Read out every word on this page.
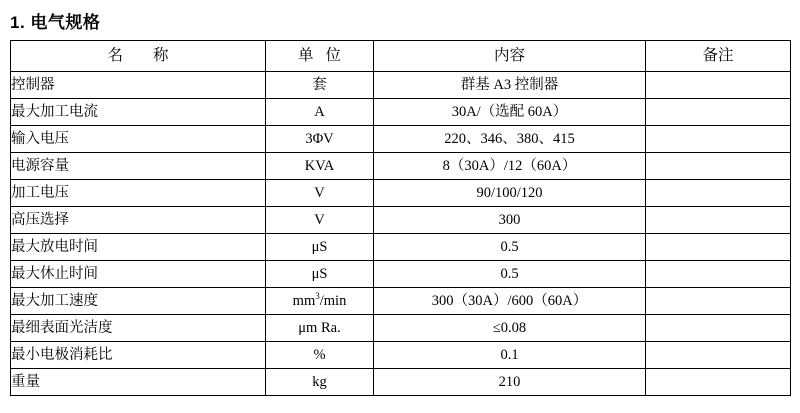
1. 电气规格
名 称	单 位	内容	备注
控制器	套	群基 A3 控制器	
最大加工电流	A	30A/（选配 60A）	
输入电压	3ΦV	220、346、380、415	
电源容量	KVA	8（30A）/12（60A）	
加工电压	V	90/100/120	
高压选择	V	300	
最大放电时间	μS	0.5	
最大休止时间	μS	0.5	
最大加工速度	$mm^3/\min$	300（30A）/600（60A）	
最细表面光洁度	μm Ra.	≤0.08	
最小电极消耗比	%	0.1	
重量	kg	210	
